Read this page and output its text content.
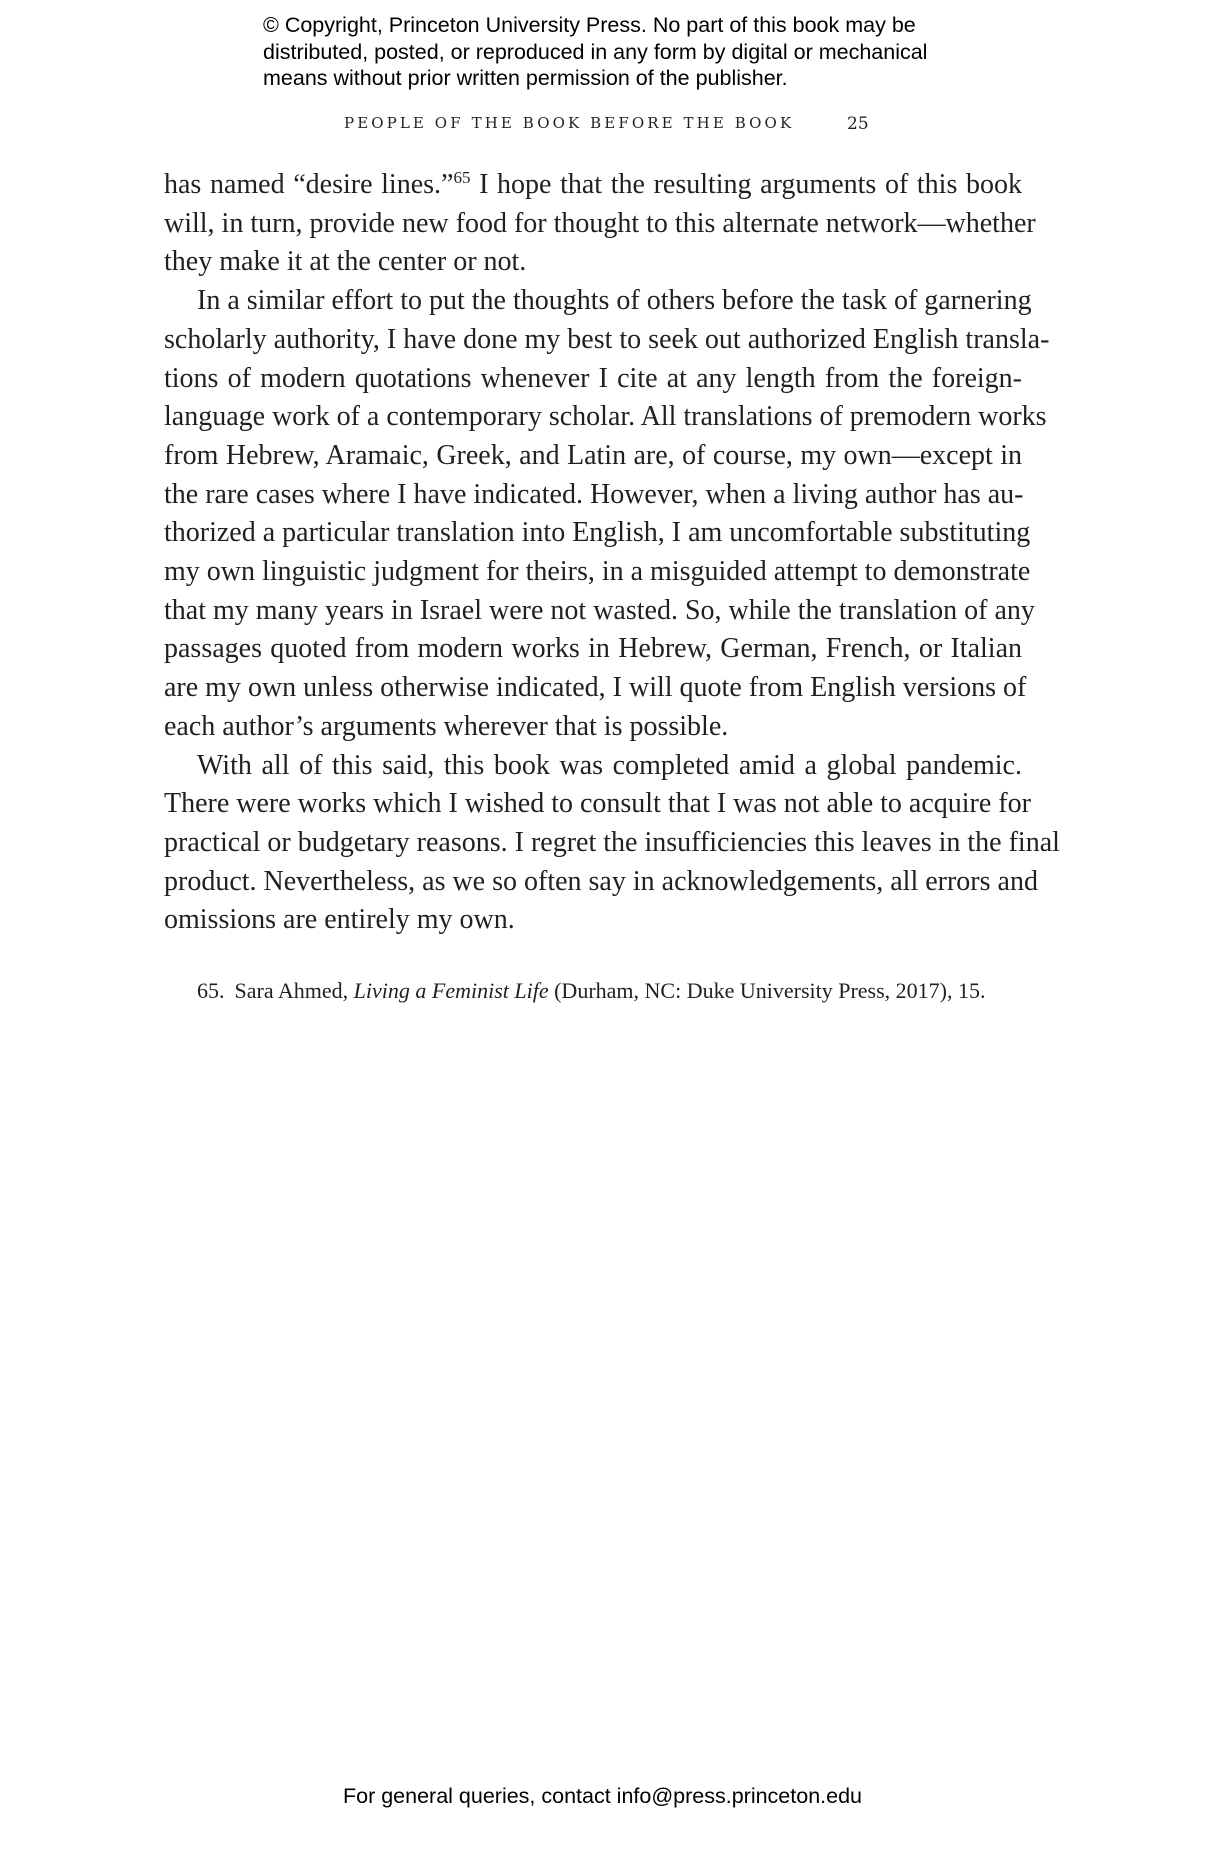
© Copyright, Princeton University Press. No part of this book may be
distributed, posted, or reproduced in any form by digital or mechanical
means without prior written permission of the publisher.
PEOPLE OF THE BOOK BEFORE THE BOOK	25

has named “desire lines.”$^{65}$ I hope that the resulting arguments of this book
will, in turn, provide new food for thought to this alternate network—whether
they make it at the center or not.

In a similar effort to put the thoughts of others before the task of garnering
scholarly authority, I have done my best to seek out authorized English transla-
tions of modern quotations whenever I cite at any length from the foreign-
language work of a contemporary scholar. All translations of premodern works
from Hebrew, Aramaic, Greek, and Latin are, of course, my own—except in
the rare cases where I have indicated. However, when a living author has au-
thorized a particular translation into English, I am uncomfortable substituting
my own linguistic judgment for theirs, in a misguided attempt to demonstrate
that my many years in Israel were not wasted. So, while the translation of any
passages quoted from modern works in Hebrew, German, French, or Italian
are my own unless otherwise indicated, I will quote from English versions of
each author’s arguments wherever that is possible.

With all of this said, this book was completed amid a global pandemic.
There were works which I wished to consult that I was not able to acquire for
practical or budgetary reasons. I regret the insufficiencies this leaves in the final
product. Nevertheless, as we so often say in acknowledgements, all errors and
omissions are entirely my own.

65. Sara Ahmed, Living a Feminist Life (Durham, NC: Duke University Press, 2017), 15.
For general queries, contact info@press.princeton.edu
